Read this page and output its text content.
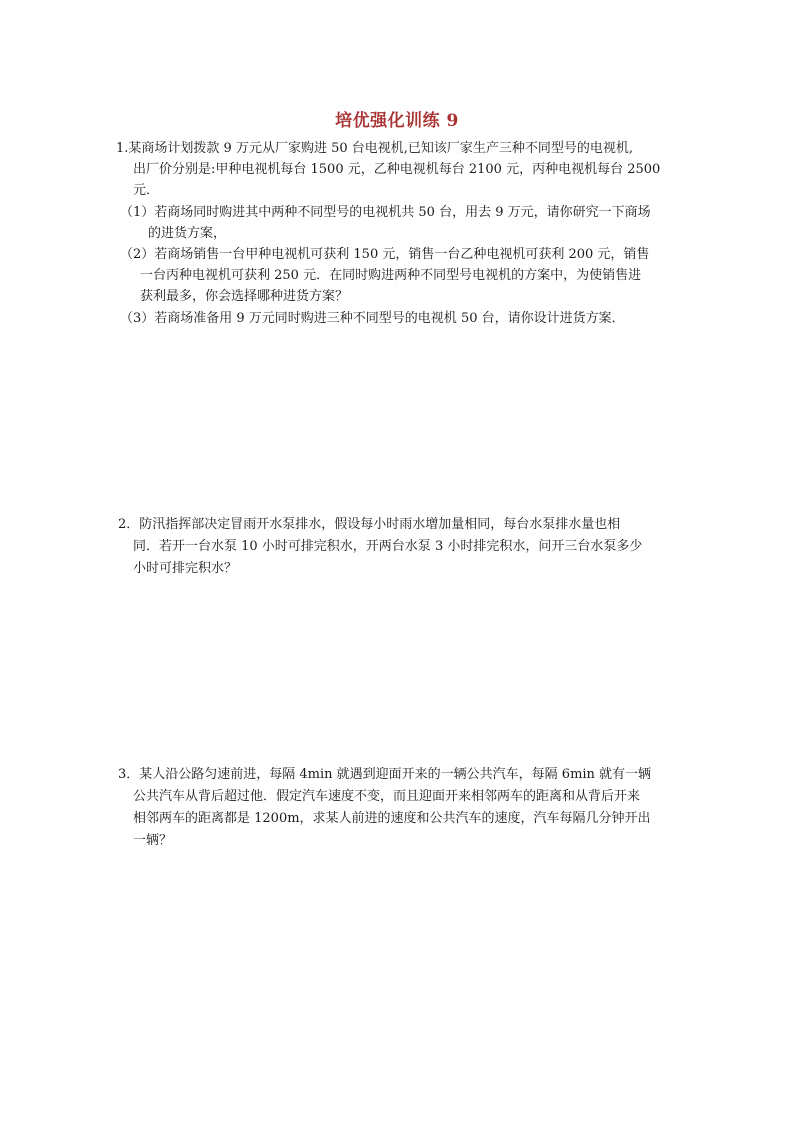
培优强化训练 9
1.某商场计划拨款 9 万元从厂家购进 50 台电视机,已知该厂家生产三种不同型号的电视机,
出厂价分别是:甲种电视机每台 1500 元，乙种电视机每台 2100 元，丙种电视机每台 2500
元．
（1）若商场同时购进其中两种不同型号的电视机共 50 台，用去 9 万元，请你研究一下商场
的进货方案，
（2）若商场销售一台甲种电视机可获利 150 元，销售一台乙种电视机可获利 200 元，销售
一台丙种电视机可获利 250 元．在同时购进两种不同型号电视机的方案中，为使销售进
获利最多，你会选择哪种进货方案？
（3）若商场准备用 9 万元同时购进三种不同型号的电视机 50 台，请你设计进货方案．
2．防汛指挥部决定冒雨开水泵排水，假设每小时雨水增加量相同，每台水泵排水量也相
同．若开一台水泵 10 小时可排完积水，开两台水泵 3 小时排完积水，问开三台水泵多少
小时可排完积水？
3．某人沿公路匀速前进，每隔 4min 就遇到迎面开来的一辆公共汽车，每隔 6min 就有一辆
公共汽车从背后超过他．假定汽车速度不变，而且迎面开来相邻两车的距离和从背后开来
相邻两车的距离都是 1200m，求某人前进的速度和公共汽车的速度，汽车每隔几分钟开出
一辆？
